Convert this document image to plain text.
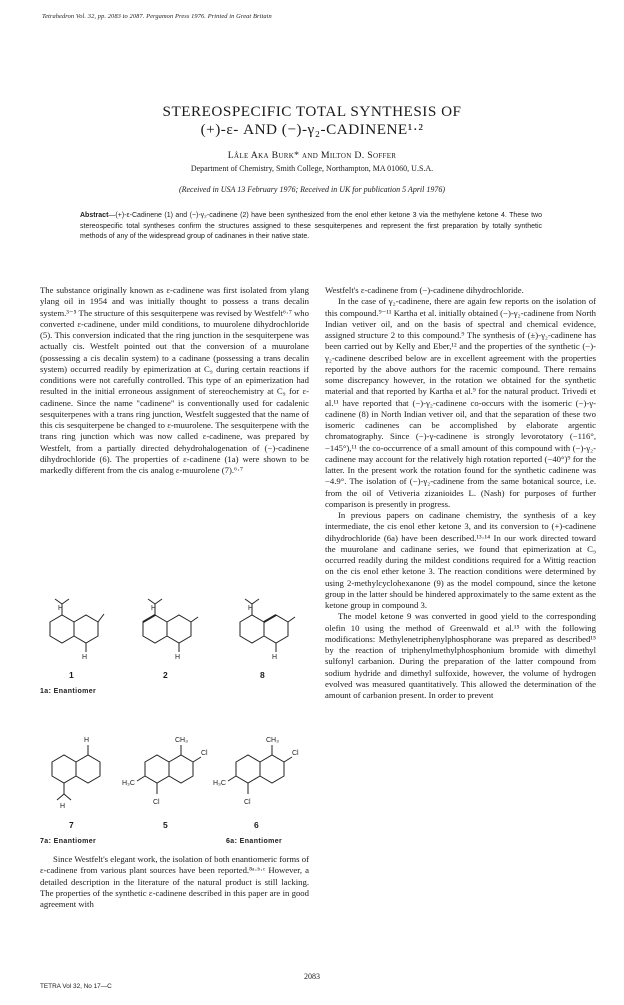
Tetrahedron Vol. 32, pp. 2083 to 2087. Pergamon Press 1976. Printed in Great Britain
STEREOSPECIFIC TOTAL SYNTHESIS OF
(+)-ε- AND (−)-γ₂-CADINENE¹·²
Lâle Aka Burk* and Milton D. Soffer
Department of Chemistry, Smith College, Northampton, MA 01060, U.S.A.
(Received in USA 13 February 1976; Received in UK for publication 5 April 1976)
Abstract—(+)-ε-Cadinene (1) and (−)-γ₂-cadinene (2) have been synthesized from the enol ether ketone 3 via the methylene ketone 4. These two stereospecific total syntheses confirm the structures assigned to these sesquiterpenes and represent the first preparation by totally synthetic methods of any of the widespread group of cadinanes in their native state.

The substance originally known as ε-cadinene was first isolated from ylang ylang oil in 1954 and was initially thought to possess a trans decalin system.³⁻⁵ The structure of this sesquiterpene was revised by Westfelt⁶·⁷ who converted ε-cadinene, under mild conditions, to muurolene dihydrochloride (5). This conversion indicated that the ring junction in the sesquiterpene was actually cis. Westfelt pointed out that the conversion of a muurolane (possessing a cis decalin system) to a cadinane (possessing a trans decalin system) occurred readily by epimerization at C₉ during certain reactions if conditions were not carefully controlled. This type of an epimerization had resulted in the initial erroneous assignment of stereochemistry at C₉ for ε-cadinene. Since the name "cadinene" is conventionally used for cadalenic sesquiterpenes with a trans ring junction, Westfelt suggested that the name of this cis sesquiterpene be changed to ε-muurolene. The sesquiterpene with the trans ring junction which was now called ε-cadinene, was prepared by Westfelt, from a partially directed dehydrohalogenation of (−)-cadinene dihydrochloride (6). The properties of ε-cadinene (1a) were shown to be markedly different from the cis analog ε-muurolene (7).⁶·⁷

H
H
H
H
H
H
H
H
CH₃
Cl
H₃C
Cl
CH₃
Cl
H₃C
Cl
1	2	8
1a: Enantiomer
7	5	6
7a: Enantiomer	6a: Enantiomer

Since Westfelt's elegant work, the isolation of both enantiomeric forms of ε-cadinene from various plant sources have been reported.⁸ᵃ·ᵇ·ᶜ However, a detailed description in the literature of the natural product is still lacking. The properties of the synthetic ε-cadinene described in this paper are in good agreement with

Westfelt's ε-cadinene from (−)-cadinene dihydrochloride.

In the case of γ₂-cadinene, there are again few reports on the isolation of this compound.⁹⁻¹¹ Kartha et al. initially obtained (−)-γ₂-cadinene from North Indian vetiver oil, and on the basis of spectral and chemical evidence, assigned structure 2 to this compound.⁹ The synthesis of (±)-γ₂-cadinene has been carried out by Kelly and Eber,¹² and the properties of the synthetic (−)-γ₂-cadinene described below are in excellent agreement with the properties reported by the above authors for the racemic compound. There remains some discrepancy however, in the rotation we obtained for the synthetic material and that reported by Kartha et al.⁹ for the natural product. Trivedi et al.¹¹ have reported that (−)-γ₂-cadinene co-occurs with the isomeric (−)-γ-cadinene (8) in North Indian vetiver oil, and that the separation of these two isomeric cadinenes can be accomplished by elaborate argentic chromatography. Since (−)-γ-cadinene is strongly levorotatory (−116°, −145°),¹¹ the co-occurrence of a small amount of this compound with (−)-γ₂-cadinene may account for the relatively high rotation reported (−40°)⁹ for the latter. In the present work the rotation found for the synthetic cadinene was −4.9°. The isolation of (−)-γ₂-cadinene from the same botanical source, i.e. from the oil of Vetiveria zizanioides L. (Nash) for purposes of further comparison is presently in progress.

In previous papers on cadinane chemistry, the synthesis of a key intermediate, the cis enol ether ketone 3, and its conversion to (+)-cadinene dihydrochloride (6a) have been described.¹³·¹⁴ In our work directed toward the muurolane and cadinane series, we found that epimerization at C₉ occurred readily during the mildest conditions required for a Wittig reaction on the cis enol ether ketone 3. The reaction conditions were determined by using 2-methylcyclohexanone (9) as the model compound, since the ketone group in the latter should be hindered approximately to the same extent as the ketone group in compound 3.

The model ketone 9 was converted in good yield to the corresponding olefin 10 using the method of Greenwald et al.¹⁵ with the following modifications: Methylenetriphenylphosphorane was prepared as described¹⁵ by the reaction of triphenylmethylphosphonium bromide with dimethyl sulfonyl carbanion. During the preparation of the latter compound from sodium hydride and dimethyl sulfoxide, however, the volume of hydrogen evolved was measured quantitatively. This allowed the determination of the amount of carbanion present. In order to prevent

2083
TETRA Vol 32, No 17—C
